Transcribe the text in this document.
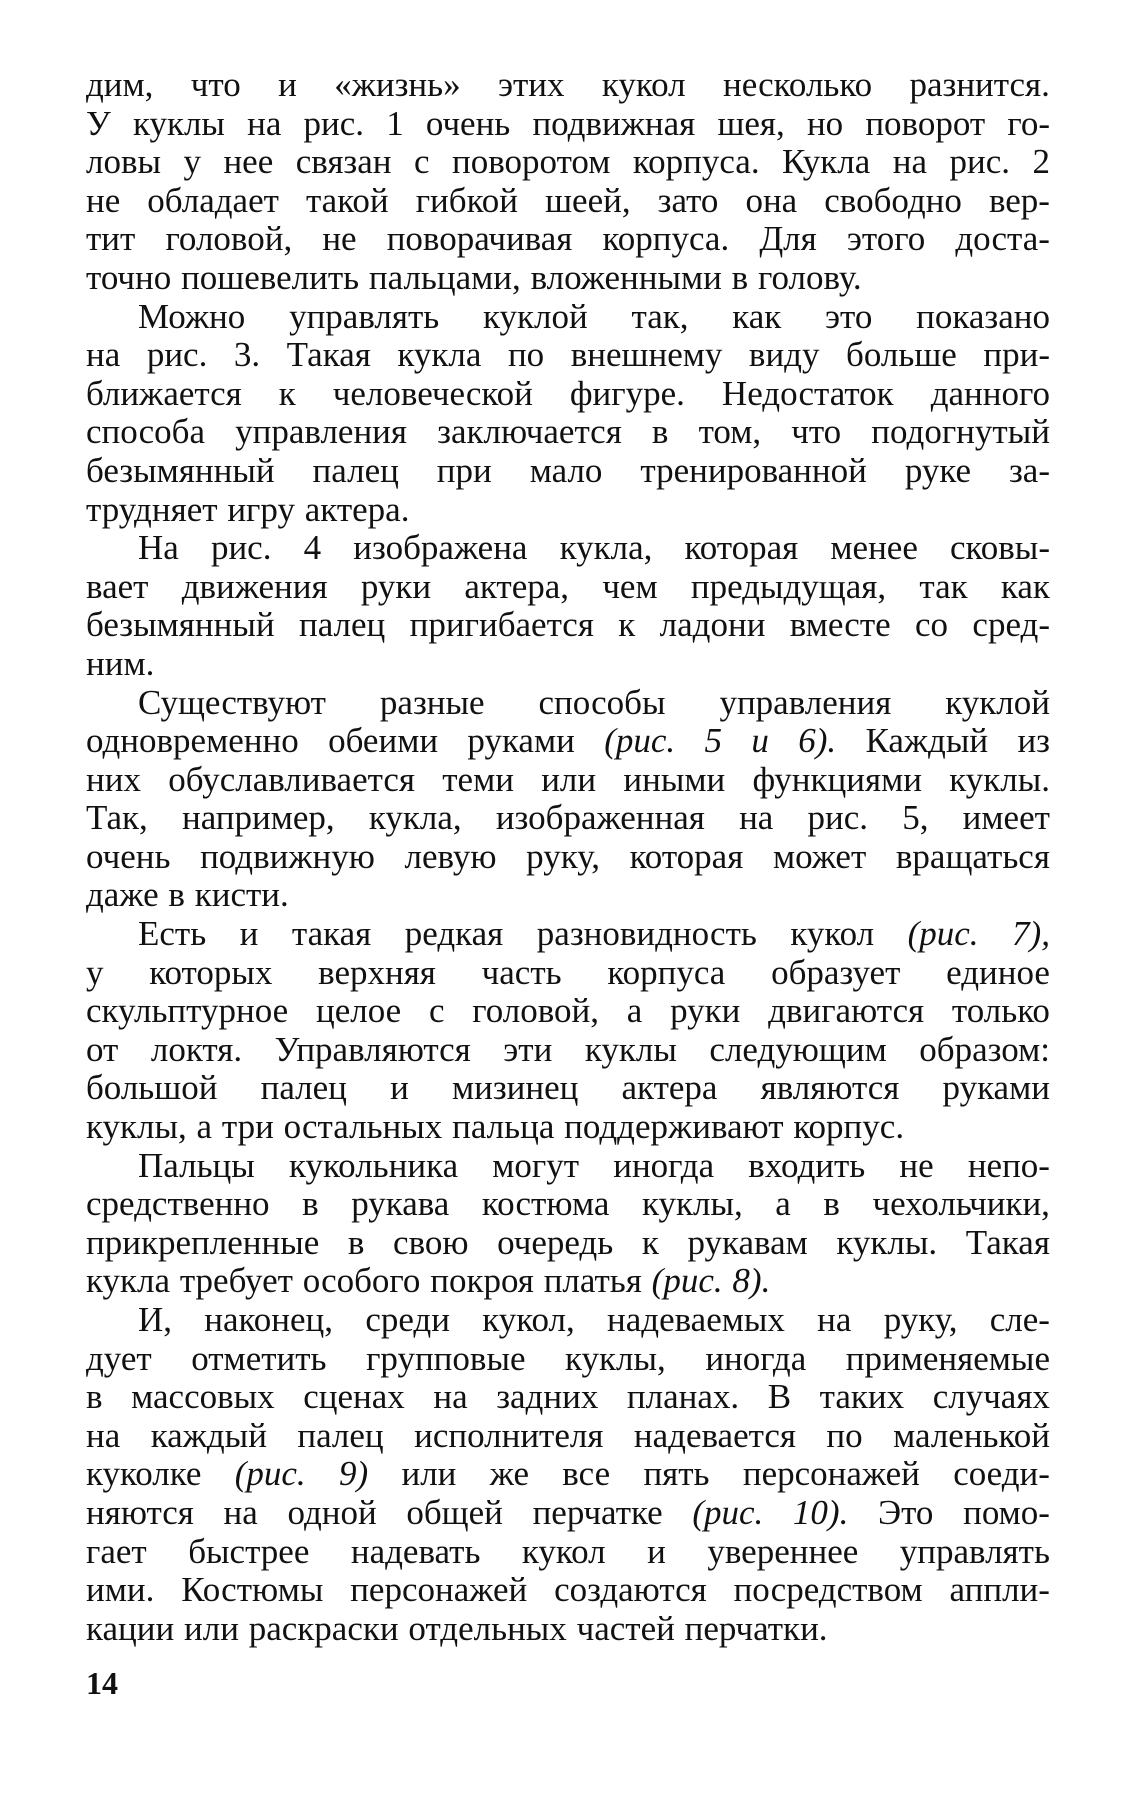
дим, что и «жизнь» этих кукол несколько разнится.
У куклы на рис. 1 очень подвижная шея, но поворот го-
ловы у нее связан с поворотом корпуса. Кукла на рис. 2
не обладает такой гибкой шеей, зато она свободно вер-
тит головой, не поворачивая корпуса. Для этого доста-
точно пошевелить пальцами, вложенными в голову.
Можно управлять куклой так, как это показано
на рис. 3. Такая кукла по внешнему виду больше при-
ближается к человеческой фигуре. Недостаток данного
способа управления заключается в том, что подогнутый
безымянный палец при мало тренированной руке за-
трудняет игру актера.
На рис. 4 изображена кукла, которая менее сковы-
вает движения руки актера, чем предыдущая, так как
безымянный палец пригибается к ладони вместе со сред-
ним.
Существуют разные способы управления куклой
одновременно обеими руками (рис. 5 и 6). Каждый из
них обуславливается теми или иными функциями куклы.
Так, например, кукла, изображенная на рис. 5, имеет
очень подвижную левую руку, которая может вращаться
даже в кисти.
Есть и такая редкая разновидность кукол (рис. 7),
у которых верхняя часть корпуса образует единое
скульптурное целое с головой, а руки двигаются только
от локтя. Управляются эти куклы следующим образом:
большой палец и мизинец актера являются руками
куклы, а три остальных пальца поддерживают корпус.
Пальцы кукольника могут иногда входить не непо-
средственно в рукава костюма куклы, а в чехольчики,
прикрепленные в свою очередь к рукавам куклы. Такая
кукла требует особого покроя платья (рис. 8).
И, наконец, среди кукол, надеваемых на руку, сле-
дует отметить групповые куклы, иногда применяемые
в массовых сценах на задних планах. В таких случаях
на каждый палец исполнителя надевается по маленькой
куколке (рис. 9) или же все пять персонажей соеди-
няются на одной общей перчатке (рис. 10). Это помо-
гает быстрее надевать кукол и увереннее управлять
ими. Костюмы персонажей создаются посредством аппли-
кации или раскраски отдельных частей перчатки.
14
